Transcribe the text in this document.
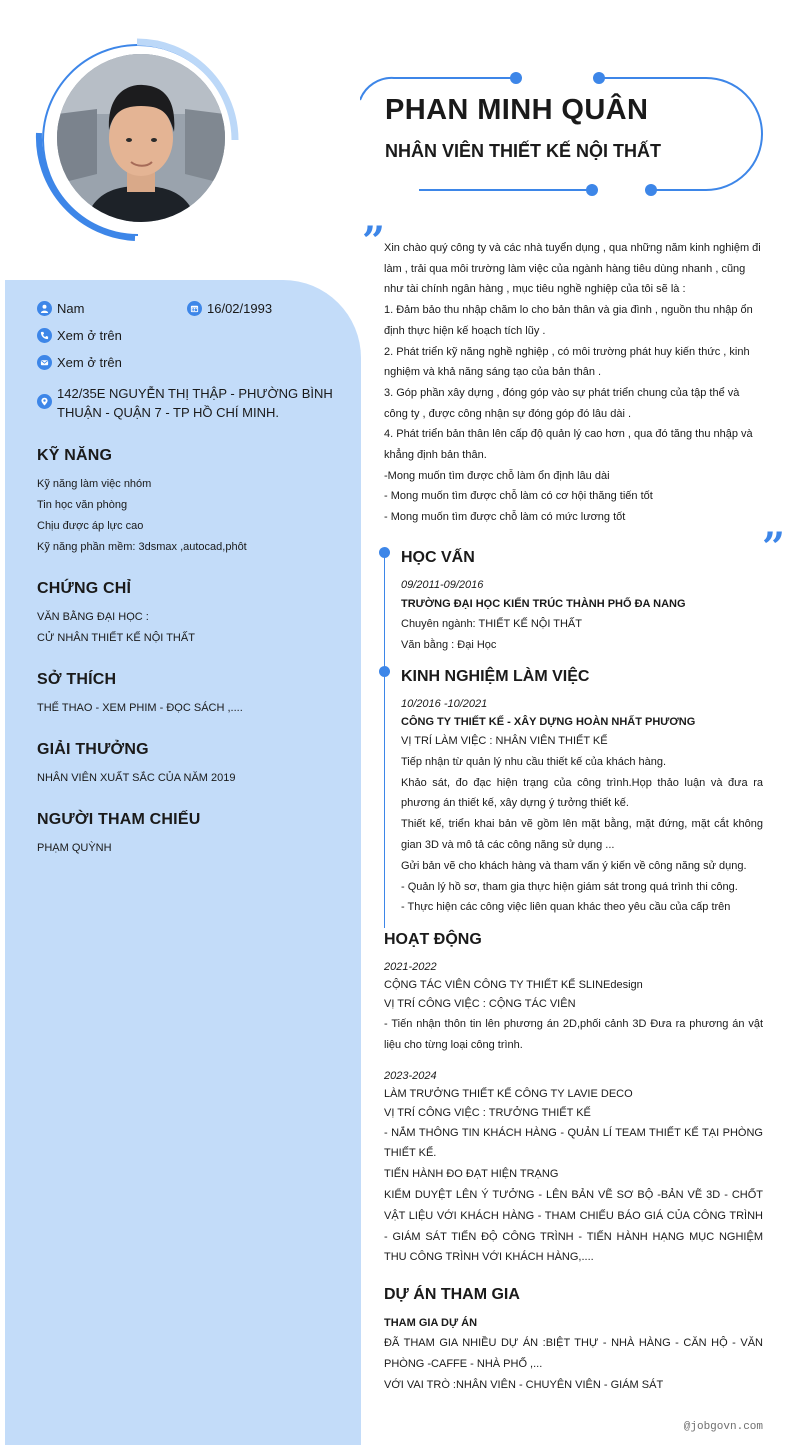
PHAN MINH QUÂN
NHÂN VIÊN THIẾT KẾ NỘI THẤT
Nam	16/02/1993
Xem ở trên
Xem ở trên
142/35E NGUYỄN THỊ THẬP - PHƯỜNG BÌNH THUẬN - QUẬN 7 - TP HỒ CHÍ MINH.
KỸ NĂNG

Kỹ năng làm việc nhóm

Tin học văn phòng

Chịu được áp lực cao

Kỹ năng phần mềm: 3dsmax ,autocad,phôt

CHỨNG CHỈ

VĂN BẰNG ĐẠI HỌC :

CỬ NHÂN THIẾT KẾ NỘI THẤT

SỞ THÍCH

THỂ THAO - XEM PHIM - ĐỌC SÁCH ,....

GIẢI THƯỞNG

NHÂN VIÊN XUẤT SẮC CỦA NĂM 2019

NGƯỜI THAM CHIẾU

PHẠM QUỲNH

”

Xin chào quý công ty và các nhà tuyển dụng , qua những năm kinh nghiệm đi làm , trải qua môi trường làm việc của ngành hàng tiêu dùng nhanh , cũng như tài chính ngân hàng , mục tiêu nghề nghiệp của tôi sẽ là :

1. Đảm bảo thu nhập chăm lo cho bản thân và gia đình , nguồn thu nhập ổn định thực hiện kế hoạch tích lũy .

2. Phát triển kỹ năng nghề nghiệp , có môi trường phát huy kiến thức , kinh nghiệm và khả năng sáng tạo của bản thân .

3. Góp phần xây dựng , đóng góp vào sự phát triển chung của tập thể và công ty , được công nhận sự đóng góp đó lâu dài .

4. Phát triển bản thân lên cấp độ quản lý cao hơn , qua đó tăng thu nhập và khẳng định bản thân.

-Mong muốn tìm được chỗ làm ổn định lâu dài

- Mong muốn tìm được chỗ làm có cơ hội thăng tiến tốt

- Mong muốn tìm được chỗ làm có mức lương tốt

”
HỌC VẤN
09/2011-09/2016
TRƯỜNG ĐẠI HỌC KIẾN TRÚC THÀNH PHỐ ĐA NANG

Chuyên ngành: THIẾT KẾ NỘI THẤT

Văn bằng : Đại Học

KINH NGHIỆM LÀM VIỆC
10/2016 -10/2021
CÔNG TY THIẾT KẾ - XÂY DỰNG HOÀN NHẤT PHƯƠNG

VỊ TRÍ LÀM VIỆC : NHÂN VIÊN THIẾT KẾ

Tiếp nhận từ quản lý nhu cầu thiết kế của khách hàng.

Khảo sát, đo đạc hiện trạng của công trình.Họp thảo luận và đưa ra phương án thiết kế, xây dựng ý tưởng thiết kế.

Thiết kế, triển khai bản vẽ gồm lên mặt bằng, mặt đứng, mặt cắt không gian 3D và mô tả các công năng sử dụng ...

Gửi bản vẽ cho khách hàng và tham vấn ý kiến về công năng sử dụng.

- Quản lý hồ sơ, tham gia thực hiện giám sát trong quá trình thi công.

- Thực hiện các công việc liên quan khác theo yêu cầu của cấp trên

HOẠT ĐỘNG
2021-2022

CỘNG TÁC VIÊN CÔNG TY THIẾT KẾ SLINEdesign

VỊ TRÍ CÔNG VIỆC : CỘNG TÁC VIÊN

- Tiến nhận thôn tin lên phương án 2D,phối cảnh 3D Đưa ra phương án vật liệu cho từng loại công trình.

2023-2024

LÀM TRƯỞNG THIẾT KẾ CÔNG TY LAVIE DECO

VỊ TRÍ CÔNG VIỆC : TRƯỞNG THIẾT KẾ

- NẮM THÔNG TIN KHÁCH HÀNG - QUẢN LÍ TEAM THIẾT KẾ TẠI PHÒNG THIẾT KẾ.

TIẾN HÀNH ĐO ĐẠT HIỆN TRẠNG

KIỂM DUYỆT LÊN Ý TƯỞNG - LÊN BẢN VẼ SƠ BỘ -BẢN VẼ 3D - CHỐT VẬT LIỆU VỚI KHÁCH HÀNG - THAM CHIẾU BÁO GIÁ CỦA CÔNG TRÌNH - GIÁM SÁT TIẾN ĐỘ CÔNG TRÌNH - TIẾN HÀNH HẠNG MỤC NGHIỆM THU CÔNG TRÌNH VỚI KHÁCH HÀNG,....

DỰ ÁN THAM GIA
THAM GIA DỰ ÁN

ĐÃ THAM GIA NHIỀU DỰ ÁN :BIỆT THỰ - NHÀ HÀNG - CĂN HỘ - VĂN PHÒNG -CAFFE - NHÀ PHỐ ,...

VỚI VAI TRÒ :NHÂN VIÊN - CHUYÊN VIÊN - GIÁM SÁT

@jobgovn.com
